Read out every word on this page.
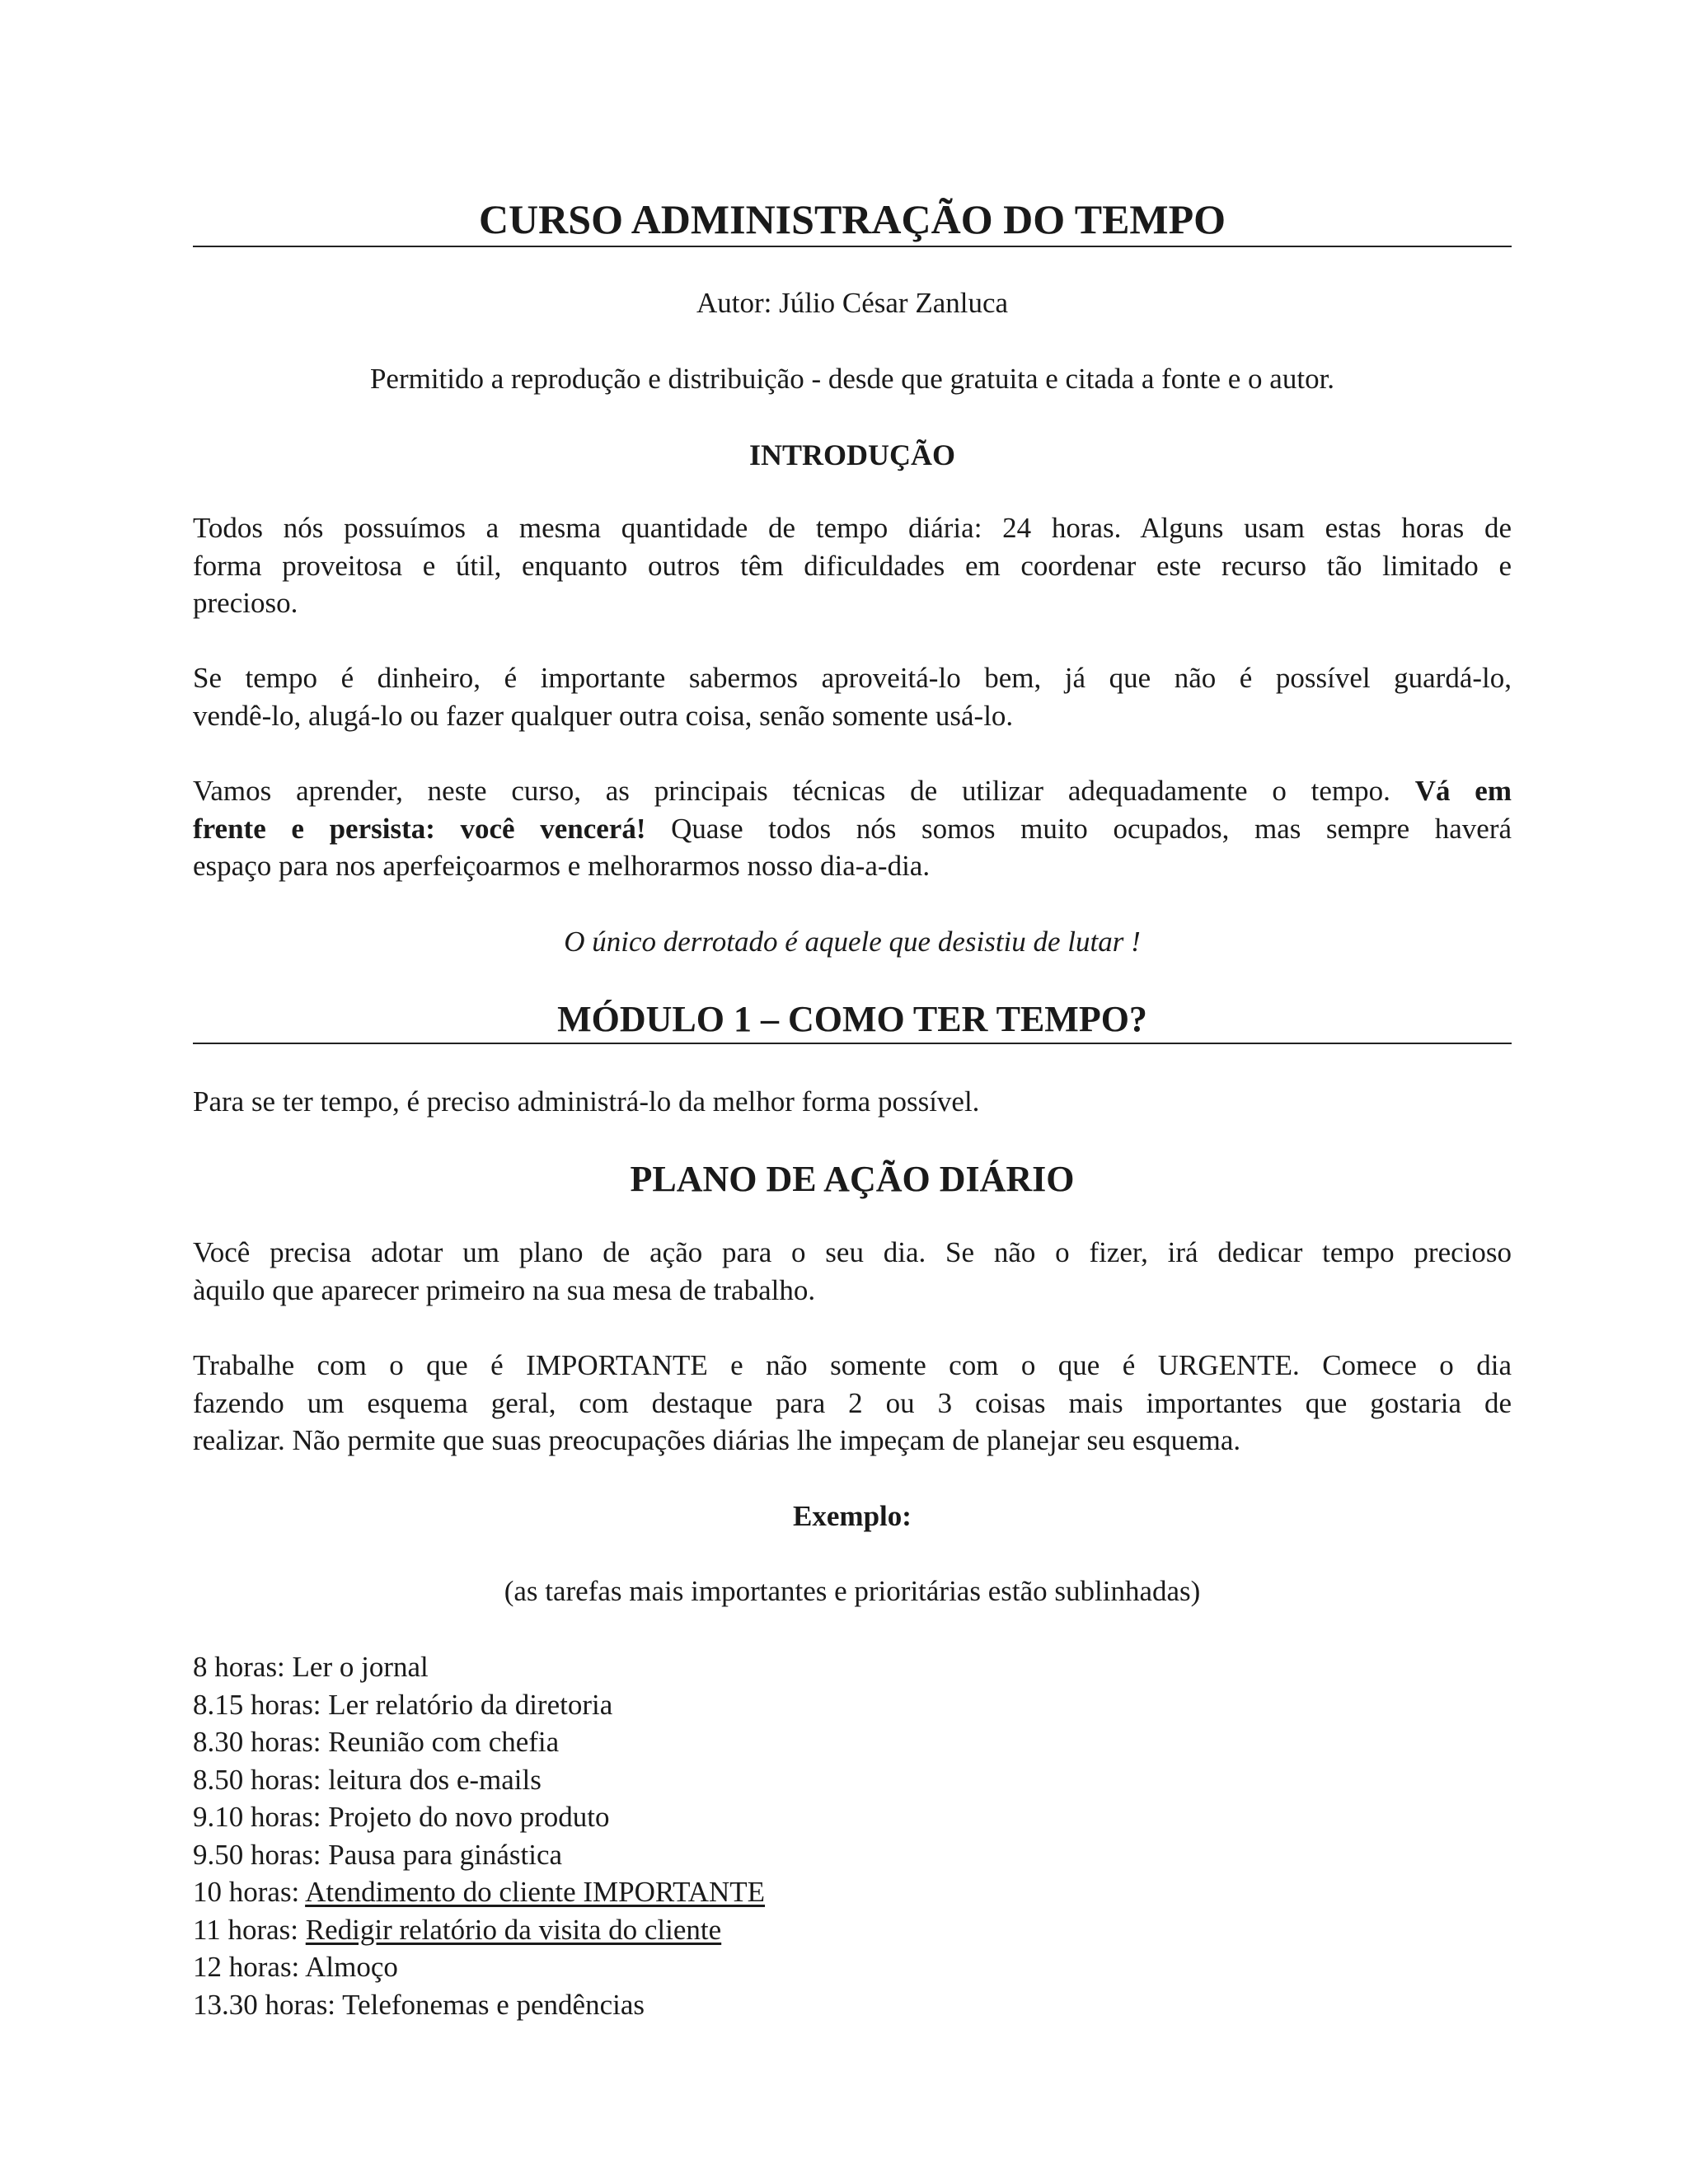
CURSO ADMINISTRAÇÃO DO TEMPO
Autor: Júlio César Zanluca
Permitido a reprodução e distribuição - desde que gratuita e citada a fonte e o autor.
INTRODUÇÃO
Todos nós possuímos a mesma quantidade de tempo diária: 24 horas. Alguns usam estas horas de
forma proveitosa e útil, enquanto outros têm dificuldades em coordenar este recurso tão limitado e
precioso.
Se tempo é dinheiro, é importante sabermos aproveitá-lo bem, já que não é possível guardá-lo,
vendê-lo, alugá-lo ou fazer qualquer outra coisa, senão somente usá-lo.
Vamos aprender, neste curso, as principais técnicas de utilizar adequadamente o tempo. Vá em
frente e persista: você vencerá! Quase todos nós somos muito ocupados, mas sempre haverá
espaço para nos aperfeiçoarmos e melhorarmos nosso dia-a-dia.
O único derrotado é aquele que desistiu de lutar !
MÓDULO 1 – COMO TER TEMPO?
Para se ter tempo, é preciso administrá-lo da melhor forma possível.
PLANO DE AÇÃO DIÁRIO
Você precisa adotar um plano de ação para o seu dia. Se não o fizer, irá dedicar tempo precioso
àquilo que aparecer primeiro na sua mesa de trabalho.
Trabalhe com o que é IMPORTANTE e não somente com o que é URGENTE. Comece o dia
fazendo um esquema geral, com destaque para 2 ou 3 coisas mais importantes que gostaria de
realizar. Não permite que suas preocupações diárias lhe impeçam de planejar seu esquema.
Exemplo:
(as tarefas mais importantes e prioritárias estão sublinhadas)
8 horas: Ler o jornal
8.15 horas: Ler relatório da diretoria
8.30 horas: Reunião com chefia
8.50 horas: leitura dos e-mails
9.10 horas: Projeto do novo produto
9.50 horas: Pausa para ginástica
10 horas: Atendimento do cliente IMPORTANTE
11 horas: Redigir relatório da visita do cliente
12 horas: Almoço
13.30 horas: Telefonemas e pendências
